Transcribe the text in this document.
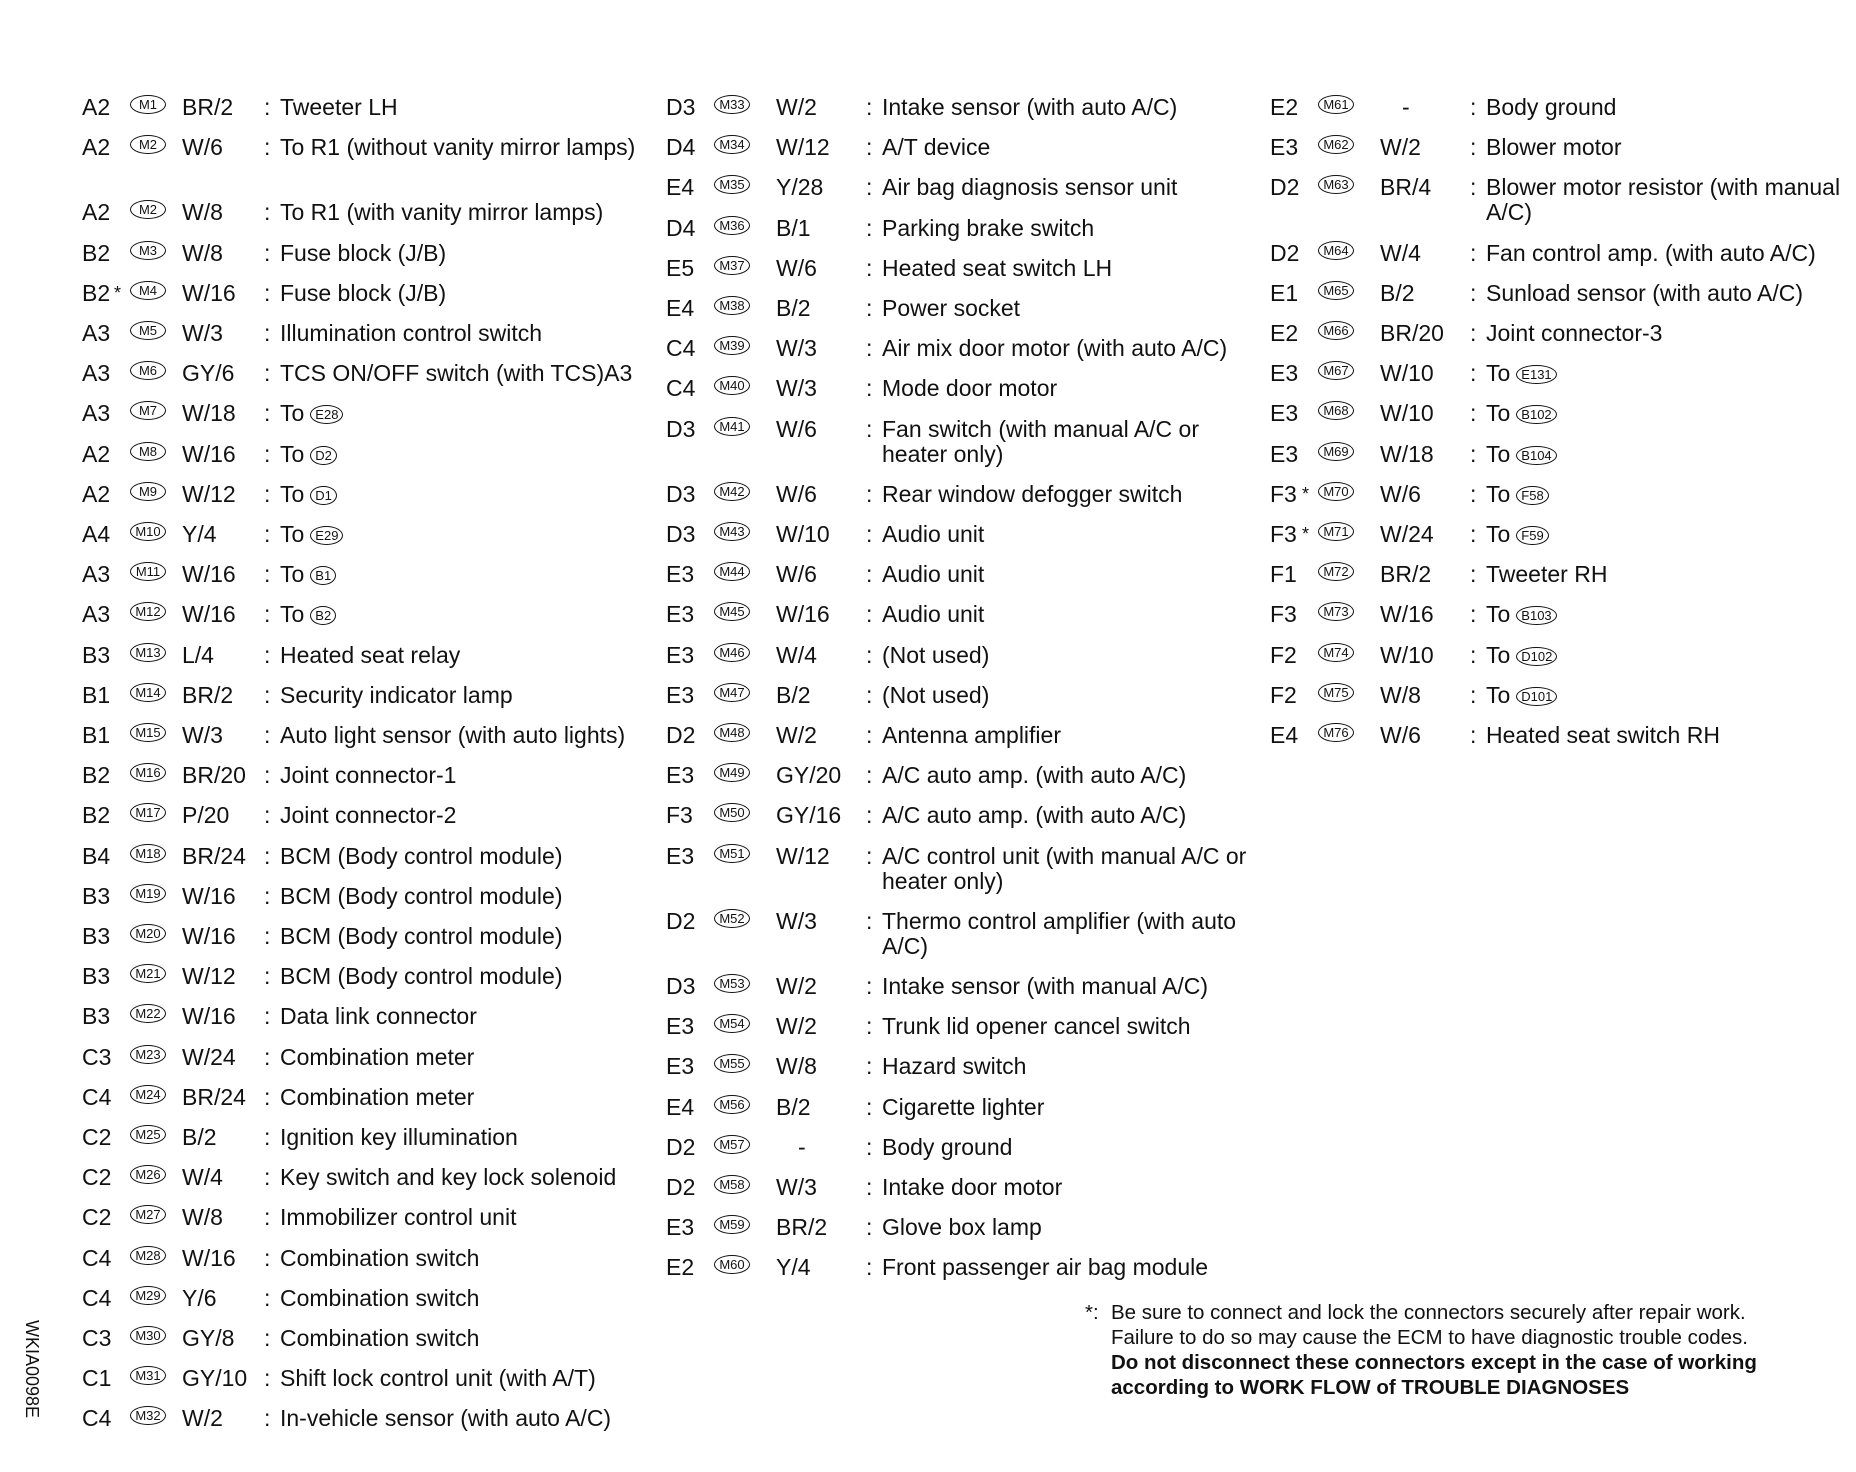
A2	M1	BR/2 : Tweeter LH
A2	M2	W/6 : To R1 (without vanity mirror lamps)
A2	M2	W/8 : To R1 (with vanity mirror lamps)
B2	M3	W/8 : Fuse block (J/B)
B2 *	M4	W/16 : Fuse block (J/B)
A3	M5	W/3 : Illumination control switch
A3	M6	GY/6 : TCS ON/OFF switch (with TCS)A3
A3	M7	W/18 : To E28
A2	M8	W/16 : To D2
A2	M9	W/12 : To D1
A4	M10 Y/4 : To E29
A3	M11 W/16 : To B1
A3	M12 W/16 : To B2
B3	M13 L/4 : Heated seat relay
B1	M14 BR/2 : Security indicator lamp
B1	M15 W/3 : Auto light sensor (with auto lights)
B2	M16 BR/20 : Joint connector-1
B2	M17 P/20 : Joint connector-2
B4	M18 BR/24 : BCM (Body control module)
B3	M19 W/16 : BCM (Body control module)
B3	M20 W/16 : BCM (Body control module)
B3	M21 W/12 : BCM (Body control module)
B3	M22 W/16 : Data link connector
C3	M23 W/24 : Combination meter
C4	M24 BR/24 : Combination meter
C2	M25 B/2 : Ignition key illumination
C2	M26 W/4 : Key switch and key lock solenoid
C2	M27 W/8 : Immobilizer control unit
C4	M28 W/16 : Combination switch
C4	M29 Y/6 : Combination switch
C3	M30 GY/8 : Combination switch
C1	M31 GY/10 : Shift lock control unit (with A/T)
C4	M32 W/2 : In-vehicle sensor (with auto A/C)
D3	M33 W/2 : Intake sensor (with auto A/C)
D4	M34 W/12 : A/T device
E4	M35 Y/28 : Air bag diagnosis sensor unit
D4	M36 B/1 : Parking brake switch
E5	M37 W/6 : Heated seat switch LH
E4	M38 B/2 : Power socket
C4	M39 W/3 : Air mix door motor (with auto A/C)
C4	M40 W/3 : Mode door motor
D3	M41 W/6 : Fan switch (with manual A/C or heater only)
D3	M42 W/6 : Rear window defogger switch
D3	M43 W/10 : Audio unit
E3	M44 W/6 : Audio unit
E3	M45 W/16 : Audio unit
E3	M46 W/4 : (Not used)
E3	M47 B/2 : (Not used)
D2	M48 W/2 : Antenna amplifier
E3	M49 GY/20 : A/C auto amp. (with auto A/C)
F3	M50 GY/16 : A/C auto amp. (with auto A/C)
E3	M51 W/12 : A/C control unit (with manual A/C or heater only)
D2	M52 W/3 : Thermo control amplifier (with auto A/C)
D3	M53 W/2 : Intake sensor (with manual A/C)
E3	M54 W/2 : Trunk lid opener cancel switch
E3	M55 W/8 : Hazard switch
E4	M56 B/2 : Cigarette lighter
D2	M57 -	: Body ground
D2	M58 W/3 : Intake door motor
E3	M59 BR/2 : Glove box lamp
E2	M60 Y/4 : Front passenger air bag module
E2	M61 -	: Body ground
E3	M62 W/2 : Blower motor
D2	M63 BR/4 : Blower motor resistor (with manual A/C)
D2	M64 W/4 : Fan control amp. (with auto A/C)
E1	M65 B/2 : Sunload sensor (with auto A/C)
E2	M66 BR/20 : Joint connector-3
E3	M67 W/10 : To E131
E3	M68 W/10 : To B102
E3	M69 W/18 : To B104
F3 *	M70 W/6 : To F58
F3 *	M71 W/24 : To F59
F1	M72 BR/2 : Tweeter RH
F3	M73 W/16 : To B103
F2	M74 W/10 : To D102
F2	M75 W/8 : To D101
E4	M76 W/6 : Heated seat switch RH
*: Be sure to connect and lock the connectors securely after repair work.
Failure to do so may cause the ECM to have diagnostic trouble codes.
Do not disconnect these connectors except in the case of working
according to WORK FLOW of TROUBLE DIAGNOSES
WKIA0098E
